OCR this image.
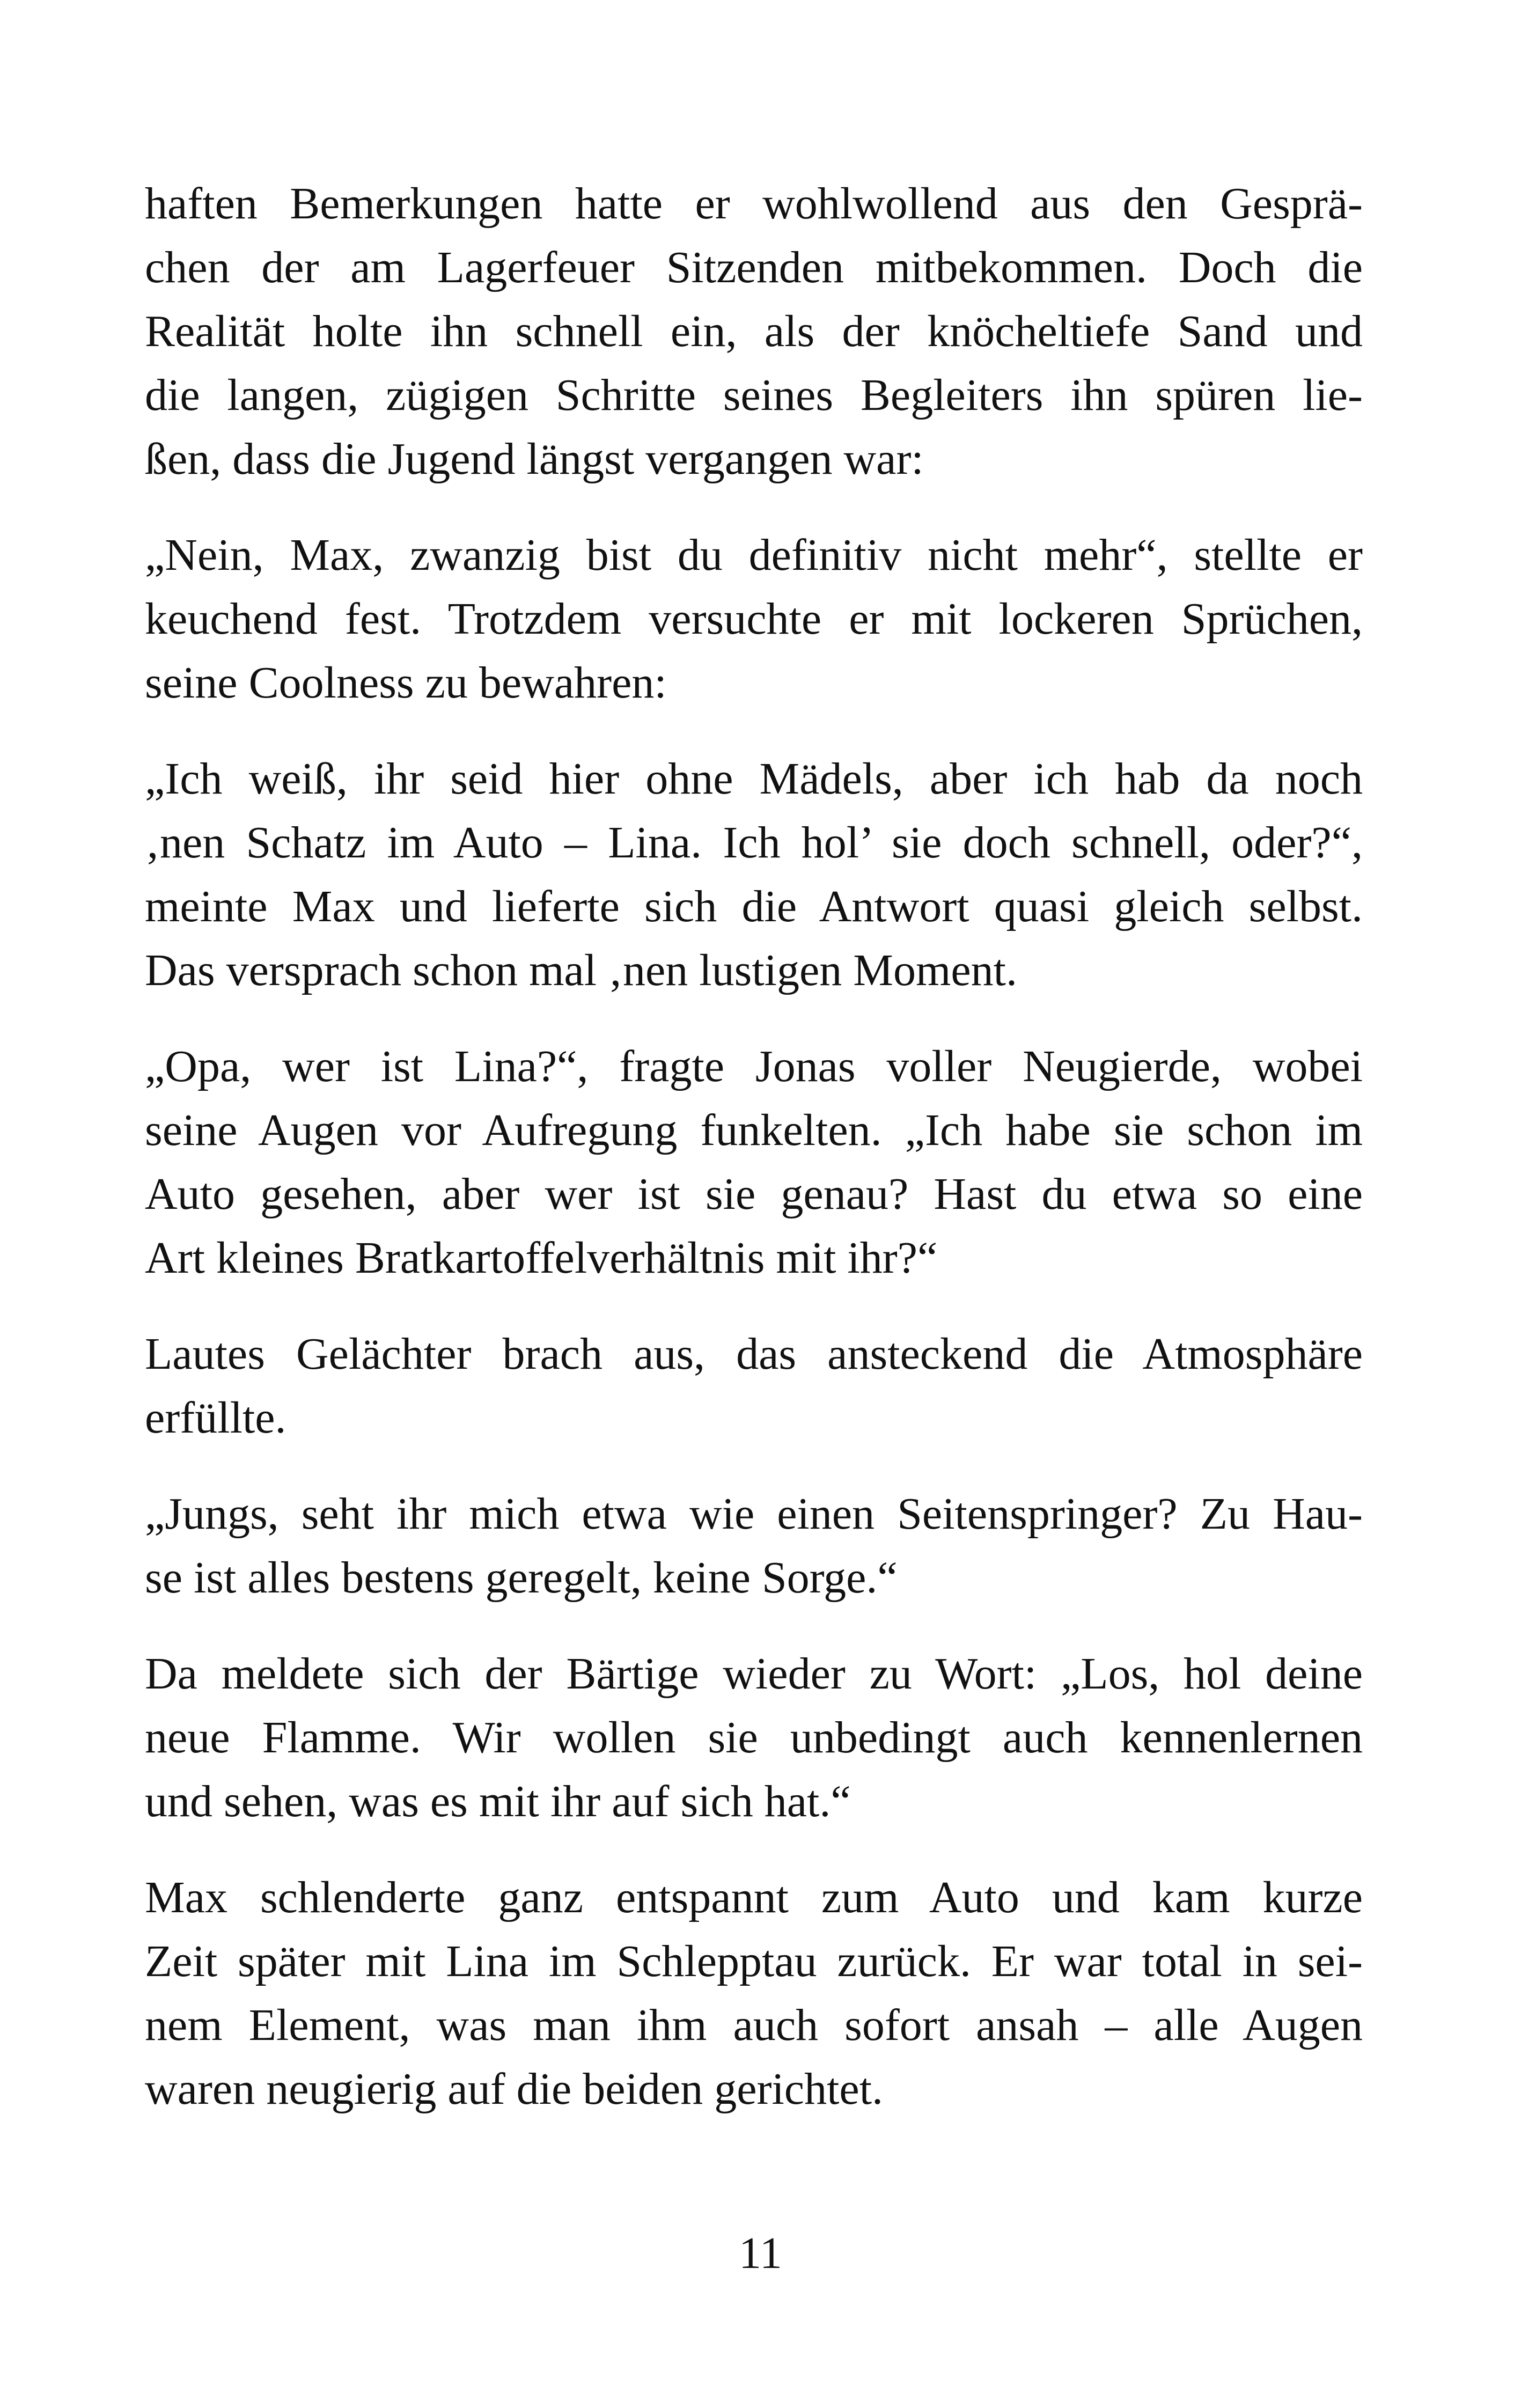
haften Bemerkungen hatte er wohlwollend aus den Gesprä-
chen der am Lagerfeuer Sitzenden mitbekommen. Doch die
Realität holte ihn schnell ein, als der knöcheltiefe Sand und
die langen, zügigen Schritte seines Begleiters ihn spüren lie-
ßen, dass die Jugend längst vergangen war:

„Nein, Max, zwanzig bist du definitiv nicht mehr“, stellte er
keuchend fest. Trotzdem versuchte er mit lockeren Sprüchen,
seine Coolness zu bewahren:

„Ich weiß, ihr seid hier ohne Mädels, aber ich hab da noch
‚nen Schatz im Auto – Lina. Ich hol’ sie doch schnell, oder?“,
meinte Max und lieferte sich die Antwort quasi gleich selbst.
Das versprach schon mal ‚nen lustigen Moment.

„Opa, wer ist Lina?“, fragte Jonas voller Neugierde, wobei
seine Augen vor Aufregung funkelten. „Ich habe sie schon im
Auto gesehen, aber wer ist sie genau? Hast du etwa so eine
Art kleines Bratkartoffelverhältnis mit ihr?“

Lautes Gelächter brach aus, das ansteckend die Atmosphäre
erfüllte.

„Jungs, seht ihr mich etwa wie einen Seitenspringer? Zu Hau-
se ist alles bestens geregelt, keine Sorge.“

Da meldete sich der Bärtige wieder zu Wort: „Los, hol deine
neue Flamme. Wir wollen sie unbedingt auch kennenlernen
und sehen, was es mit ihr auf sich hat.“

Max schlenderte ganz entspannt zum Auto und kam kurze
Zeit später mit Lina im Schlepptau zurück. Er war total in sei-
nem Element, was man ihm auch sofort ansah – alle Augen
waren neugierig auf die beiden gerichtet.

11
